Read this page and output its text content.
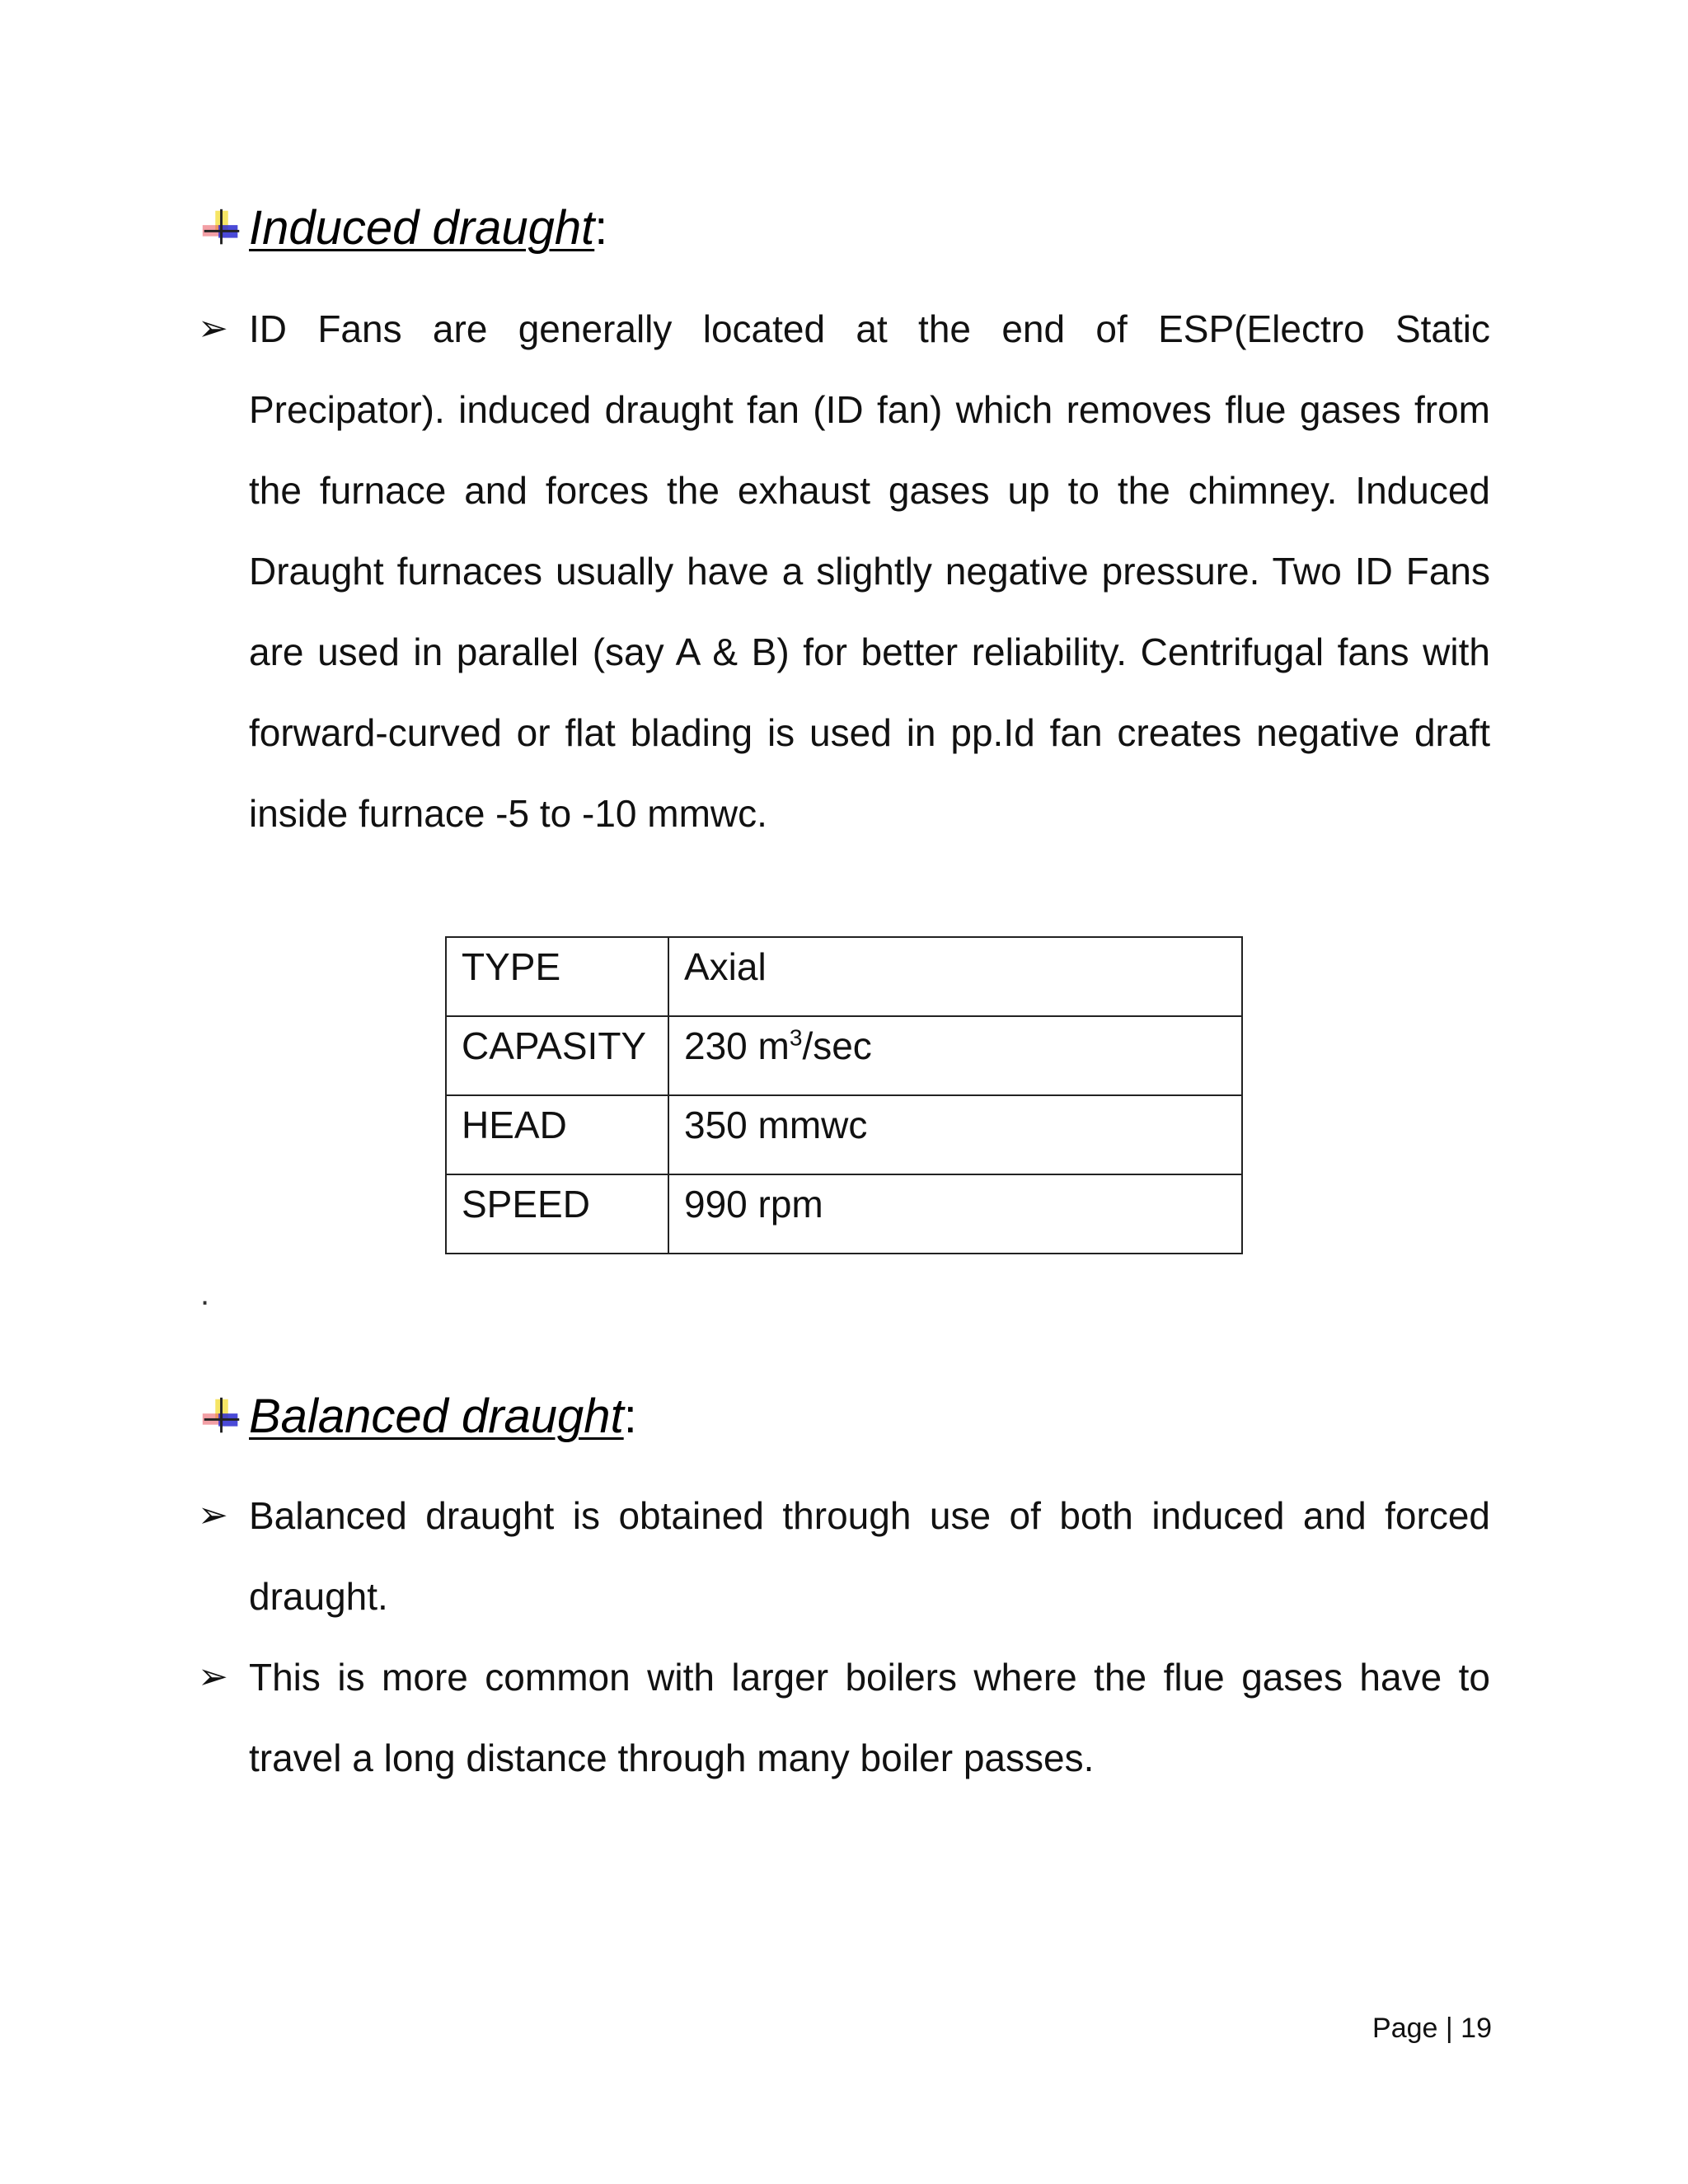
Induced draught :
➢ ID Fans are generally located at the end of ESP(Electro Static Precipator). induced draught fan (ID fan) which removes flue gases from the furnace and forces the exhaust gases up to the chimney. Induced Draught furnaces usually have a slightly negative pressure. Two ID Fans are used in parallel (say A & B) for better reliability. Centrifugal fans with forward-curved or flat blading is used in pp.Id fan creates negative draft inside furnace -5 to -10 mmwc.
TYPE	Axial
CAPASITY	230 $m^3/\sec$
HEAD	350 mmwc
SPEED	990 rpm
.
Balanced draught :
➢ Balanced draught is obtained through use of both induced and forced draught.
➢ This is more common with larger boilers where the flue gases have to travel a long distance through many boiler passes.
Page | 19
